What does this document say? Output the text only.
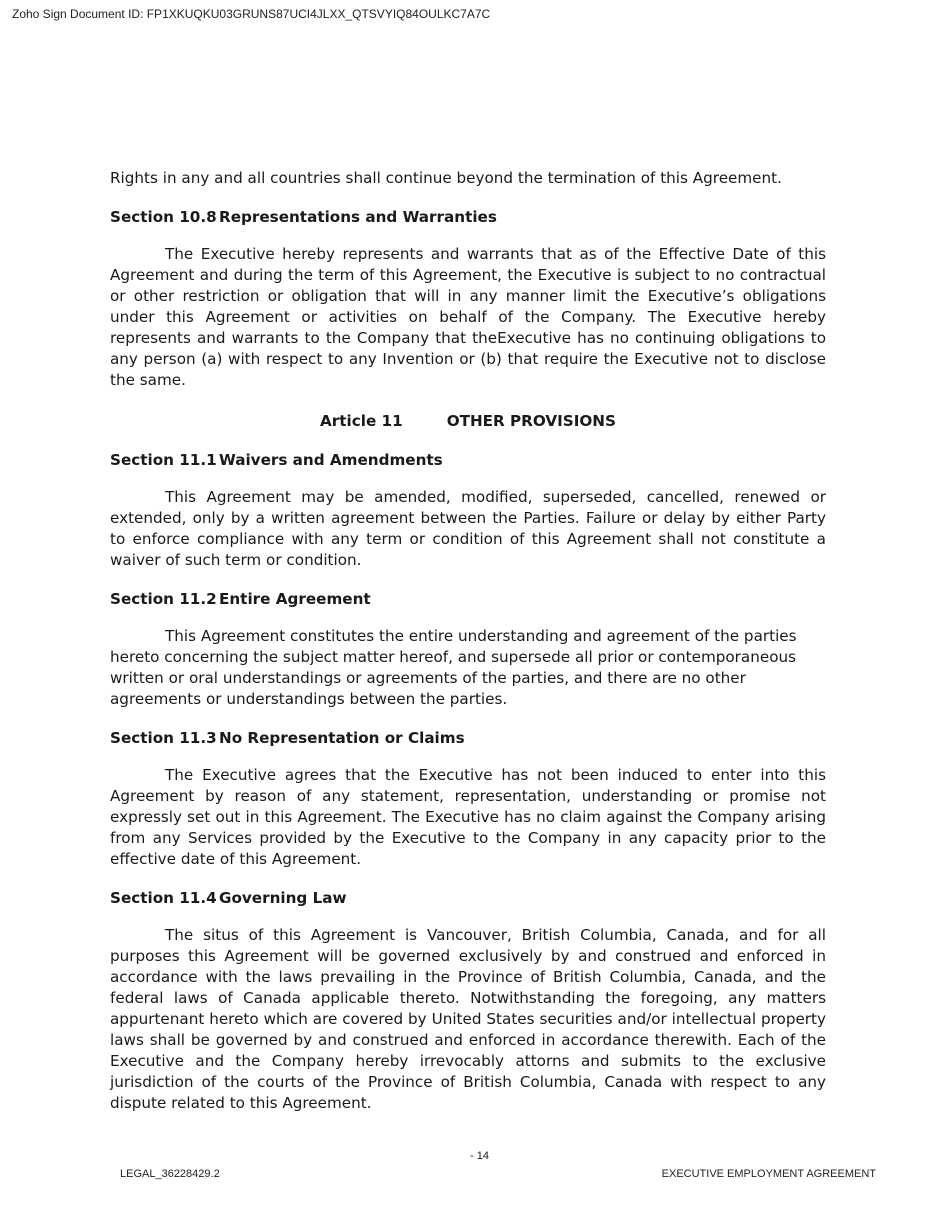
Zoho Sign Document ID: FP1XKUQKU03GRUNS87UCI4JLXX_QTSVYIQ84OULKC7A7C

Rights in any and all countries shall continue beyond the termination of this Agreement.

Section 10.8 Representations and Warranties

The Executive hereby represents and warrants that as of the Effective Date of this Agreement and during the term of this Agreement, the Executive is subject to no contractual or other restriction or obligation that will in any manner limit the Executive’s obligations under this Agreement or activities on behalf of the Company. The Executive hereby represents and warrants to the Company that theExecutive has no continuing obligations to any person (a) with respect to any Invention or (b) that require the Executive not to disclose the same.

Article 11	OTHER PROVISIONS
Section 11.1 Waivers and Amendments

This Agreement may be amended, modified, superseded, cancelled, renewed or extended, only by a written agreement between the Parties. Failure or delay by either Party to enforce compliance with any term or condition of this Agreement shall not constitute a waiver of such term or condition.

Section 11.2 Entire Agreement

This Agreement constitutes the entire understanding and agreement of the parties hereto concerning the subject matter hereof, and supersede all prior or contemporaneous written or oral understandings or agreements of the parties, and there are no other agreements or understandings between the parties.

Section 11.3 No Representation or Claims

The Executive agrees that the Executive has not been induced to enter into this Agreement by reason of any statement, representation, understanding or promise not expressly set out in this Agreement. The Executive has no claim against the Company arising from any Services provided by the Executive to the Company in any capacity prior to the effective date of this Agreement.

Section 11.4 Governing Law

The situs of this Agreement is Vancouver, British Columbia, Canada, and for all purposes this Agreement will be governed exclusively by and construed and enforced in accordance with the laws prevailing in the Province of British Columbia, Canada, and the federal laws of Canada applicable thereto. Notwithstanding the foregoing, any matters appurtenant hereto which are covered by United States securities and/or intellectual property laws shall be governed by and construed and enforced in accordance therewith. Each of the Executive and the Company hereby irrevocably attorns and submits to the exclusive jurisdiction of the courts of the Province of British Columbia, Canada with respect to any dispute related to this Agreement.

- 14
LEGAL_36228429.2	EXECUTIVE EMPLOYMENT AGREEMENT
